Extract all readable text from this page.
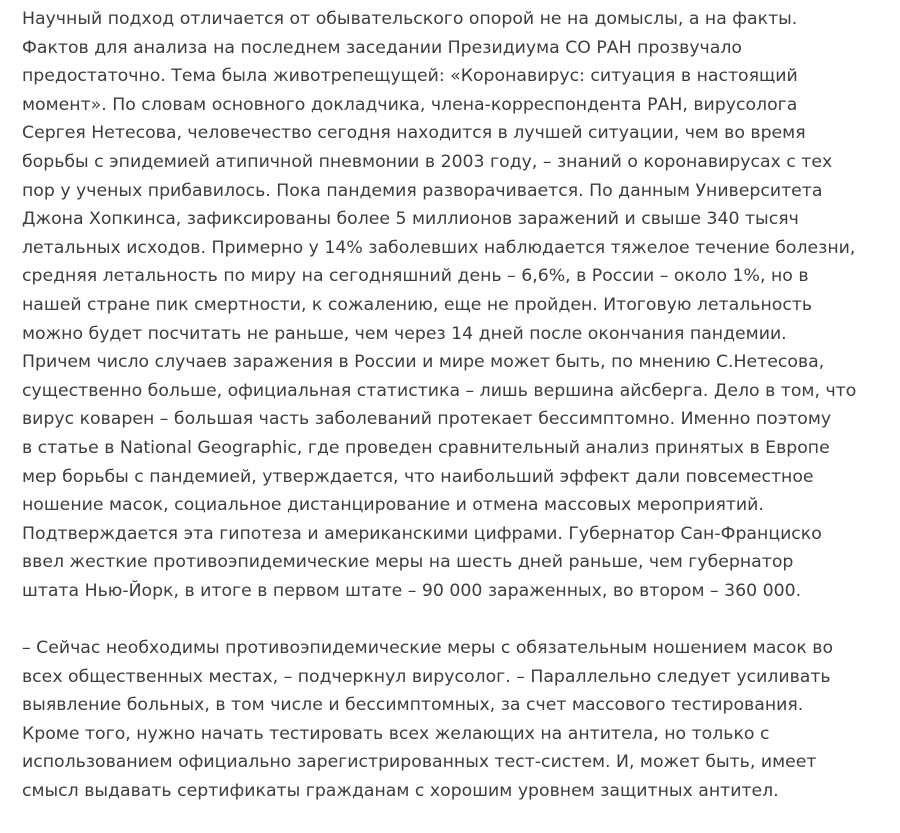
Научный подход отличается от обывательского опорой не на домыслы, а на факты.
Фактов для анализа на последнем заседании Президиума СО РАН прозвучало
предостаточно. Тема была животрепещущей: «Коронавирус: ситуация в настоящий
момент». По словам основного докладчика, члена-корреспондента РАН, вирусолога
Сергея Нетесова, человечество сегодня находится в лучшей ситуации, чем во время
борьбы с эпидемией атипичной пневмонии в 2003 году, – знаний о коронавирусах с тех
пор у ученых прибавилось. Пока пандемия разворачивается. По данным Университета
Джона Хопкинса, зафиксированы более 5 миллионов заражений и свыше 340 тысяч
летальных исходов. Примерно у 14% заболевших наблюдается тяжелое течение болезни,
средняя летальность по миру на сегодняшний день – 6,6%, в России – около 1%, но в
нашей стране пик смертности, к сожалению, еще не пройден. Итоговую летальность
можно будет посчитать не раньше, чем через 14 дней после окончания пандемии.
Причем число случаев заражения в России и мире может быть, по мнению С.Нетесова,
существенно больше, официальная статистика – лишь вершина айсберга. Дело в том, что
вирус коварен – большая часть заболеваний протекает бессимптомно. Именно поэтому
в статье в National Geographic, где проведен сравнительный анализ принятых в Европе
мер борьбы с пандемией, утверждается, что наибольший эффект дали повсеместное
ношение масок, социальное дистанцирование и отмена массовых мероприятий.
Подтверждается эта гипотеза и американскими цифрами. Губернатор Сан-Франциско
ввел жесткие противоэпидемические меры на шесть дней раньше, чем губернатор
штата Нью-Йорк, в итоге в первом штате – 90 000 зараженных, во втором – 360 000.

– Сейчас необходимы противоэпидемические меры с обязательным ношением масок во
всех общественных местах, – подчеркнул вирусолог. – Параллельно следует усиливать
выявление больных, в том числе и бессимптомных, за счет массового тестирования.
Кроме того, нужно начать тестировать всех желающих на антитела, но только с
использованием официально зарегистрированных тест-систем. И, может быть, имеет
смысл выдавать сертификаты гражданам с хорошим уровнем защитных антител.
